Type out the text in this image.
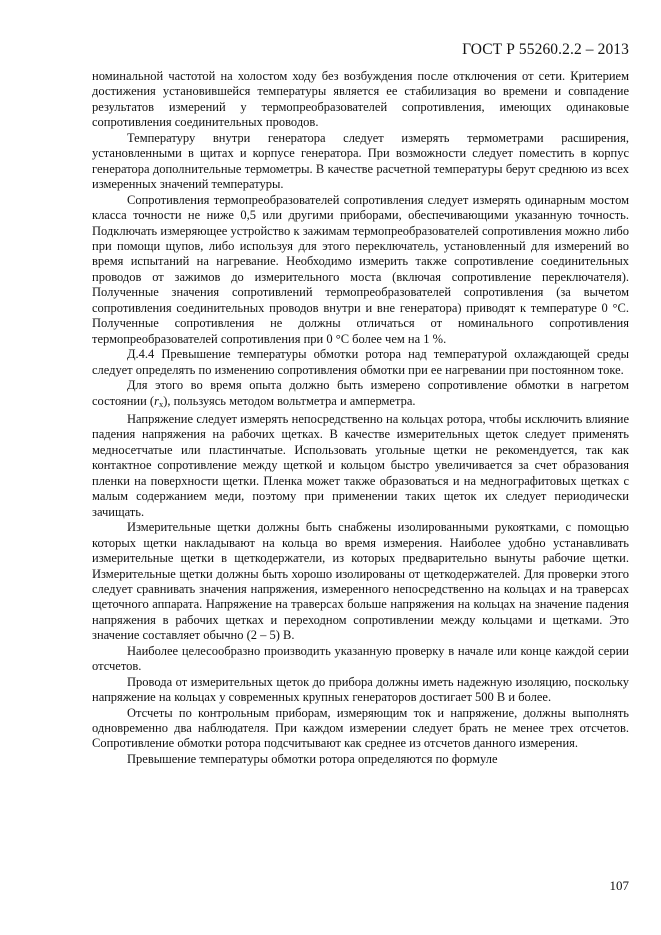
ГОСТ Р 55260.2.2 – 2013

номинальной частотой на холостом ходу без возбуждения после отключения от сети. Критерием достижения установившейся температуры является ее стабилизация во времени и совпадение результатов измерений у термопреобразователей сопротивления, имеющих одинаковые сопротивления соединительных проводов.

Температуру внутри генератора следует измерять термометрами расширения, установленными в щитах и корпусе генератора. При возможности следует поместить в корпус генератора дополнительные термометры. В качестве расчетной температуры берут среднюю из всех измеренных значений температуры.

Сопротивления термопреобразователей сопротивления следует измерять одинарным мостом класса точности не ниже 0,5 или другими приборами, обеспечивающими указанную точность. Подключать измеряющее устройство к зажимам термопреобразователей сопротивления можно либо при помощи щупов, либо используя для этого переключатель, установленный для измерений во время испытаний на нагревание. Необходимо измерить также сопротивление соединительных проводов от зажимов до измерительного моста (включая сопротивление переключателя). Полученные значения сопротивлений термопреобразователей сопротивления (за вычетом сопротивления соединительных проводов внутри и вне генератора) приводят к температуре 0 °С. Полученные сопротивления не должны отличаться от номинального сопротивления термопреобразователей сопротивления при 0 °С более чем на 1 %.

Д.4.4 Превышение температуры обмотки ротора над температурой охлаждающей среды следует определять по изменению сопротивления обмотки при ее нагревании при постоянном токе.

Для этого во время опыта должно быть измерено сопротивление обмотки в нагретом состоянии $(r_x)$, пользуясь методом вольтметра и амперметра.

Напряжение следует измерять непосредственно на кольцах ротора, чтобы исключить влияние падения напряжения на рабочих щетках. В качестве измерительных щеток следует применять медносетчатые или пластинчатые. Использовать угольные щетки не рекомендуется, так как контактное сопротивление между щеткой и кольцом быстро увеличивается за счет образования пленки на поверхности щетки. Пленка может также образоваться и на меднографитовых щетках с малым содержанием меди, поэтому при применении таких щеток их следует периодически зачищать.

Измерительные щетки должны быть снабжены изолированными рукоятками, с помощью которых щетки накладывают на кольца во время измерения. Наиболее удобно устанавливать измерительные щетки в щеткодержатели, из которых предварительно вынуты рабочие щетки. Измерительные щетки должны быть хорошо изолированы от щеткодержателей. Для проверки этого следует сравнивать значения напряжения, измеренного непосредственно на кольцах и на траверсах щеточного аппарата. Напряжение на траверсах больше напряжения на кольцах на значение падения напряжения в рабочих щетках и переходном сопротивлении между кольцами и щетками. Это значение составляет обычно (2 – 5) В.

Наиболее целесообразно производить указанную проверку в начале или конце каждой серии отсчетов.

Провода от измерительных щеток до прибора должны иметь надежную изоляцию, поскольку напряжение на кольцах у современных крупных генераторов достигает 500 В и более.

Отсчеты по контрольным приборам, измеряющим ток и напряжение, должны выполнять одновременно два наблюдателя. При каждом измерении следует брать не менее трех отсчетов. Сопротивление обмотки ротора подсчитывают как среднее из отсчетов данного измерения.

Превышение температуры обмотки ротора определяются по формуле

107
